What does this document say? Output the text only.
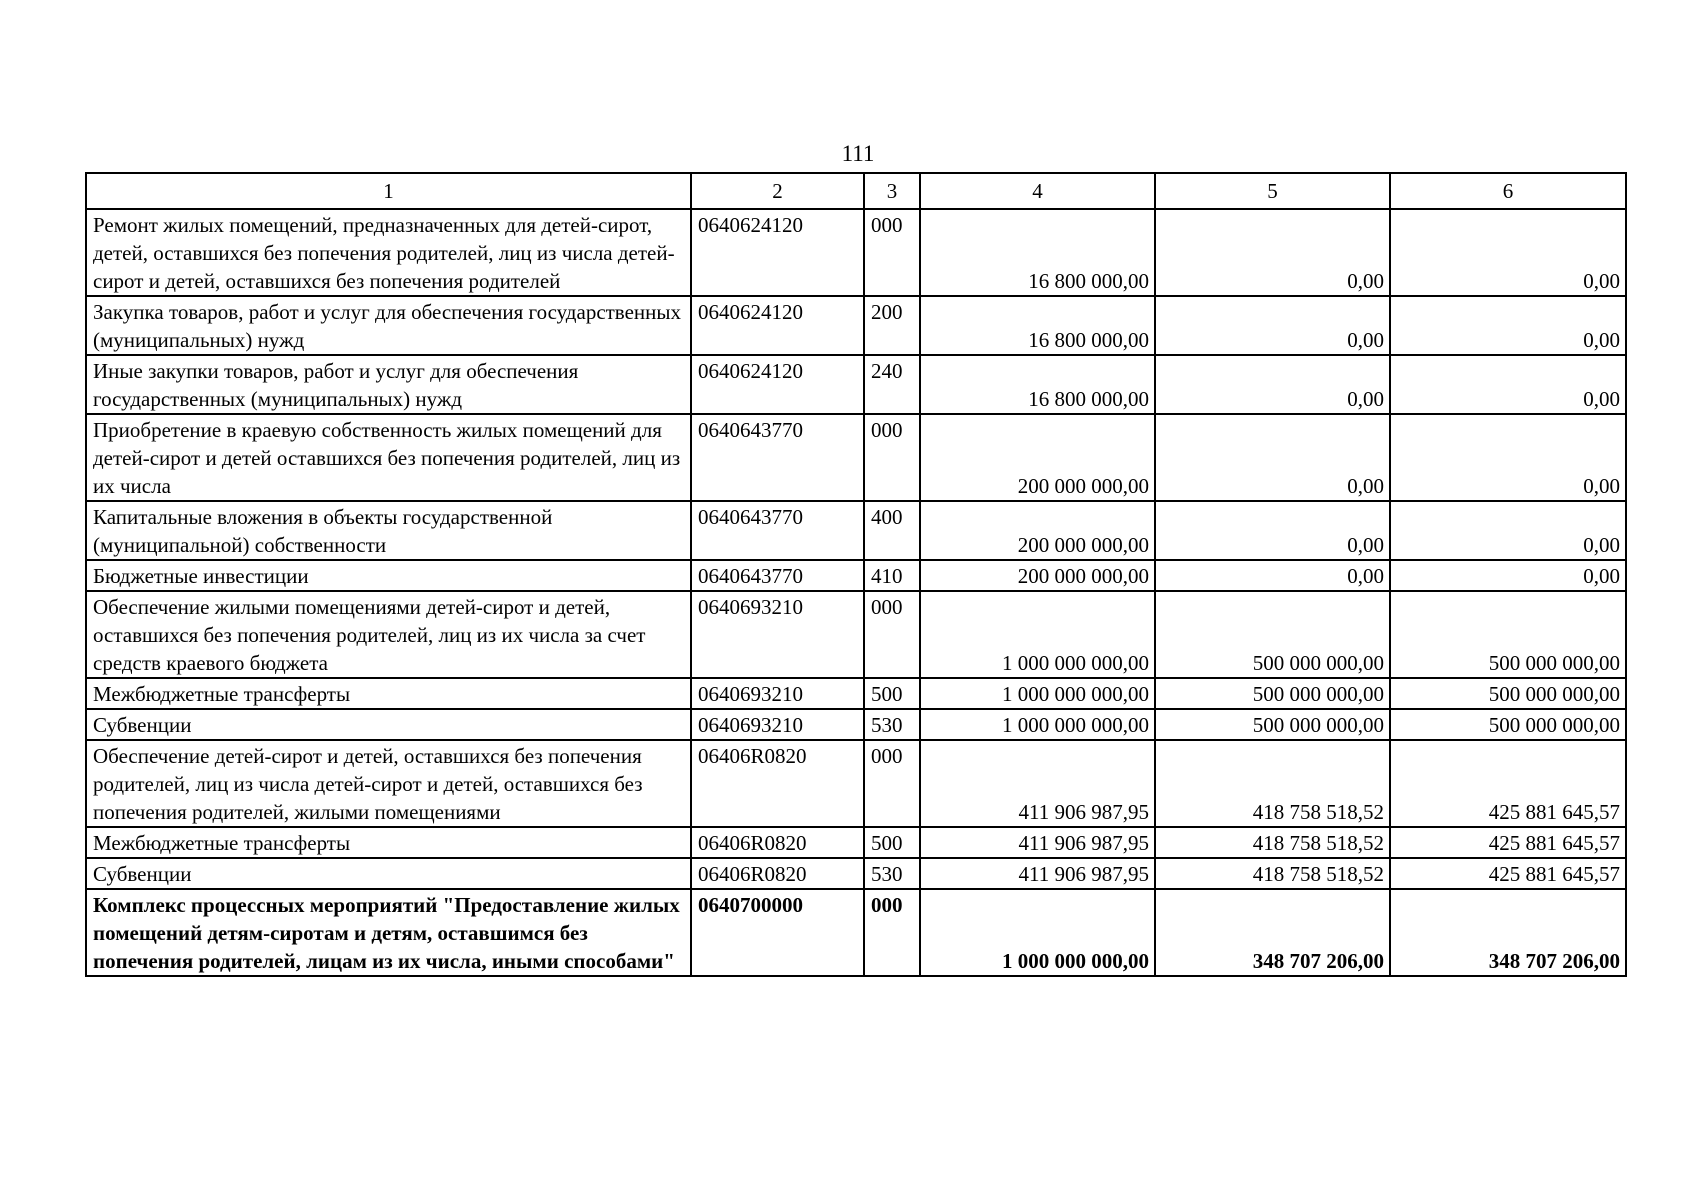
111
1	2	3	4	5	6
Ремонт жилых помещений, предназначенных для детей-сирот, детей, оставшихся без попечения родителей, лиц из числа детей-сирот и детей, оставшихся без попечения родителей	0640624120	000	16 800 000,00	0,00	0,00
Закупка товаров, работ и услуг для обеспечения государственных (муниципальных) нужд	0640624120	200	16 800 000,00	0,00	0,00
Иные закупки товаров, работ и услуг для обеспечения государственных (муниципальных) нужд	0640624120	240	16 800 000,00	0,00	0,00
Приобретение в краевую собственность жилых помещений для детей-сирот и детей оставшихся без попечения родителей, лиц из их числа	0640643770	000	200 000 000,00	0,00	0,00
Капитальные вложения в объекты государственной (муниципальной) собственности	0640643770	400	200 000 000,00	0,00	0,00
Бюджетные инвестиции	0640643770	410	200 000 000,00	0,00	0,00
Обеспечение жилыми помещениями детей-сирот и детей, оставшихся без попечения родителей, лиц из их числа за счет средств краевого бюджета	0640693210	000	1 000 000 000,00	500 000 000,00	500 000 000,00
Межбюджетные трансферты	0640693210	500	1 000 000 000,00	500 000 000,00	500 000 000,00
Субвенции	0640693210	530	1 000 000 000,00	500 000 000,00	500 000 000,00
Обеспечение детей-сирот и детей, оставшихся без попечения родителей, лиц из числа детей-сирот и детей, оставшихся без попечения родителей, жилыми помещениями	06406R0820	000	411 906 987,95	418 758 518,52	425 881 645,57
Межбюджетные трансферты	06406R0820	500	411 906 987,95	418 758 518,52	425 881 645,57
Субвенции	06406R0820	530	411 906 987,95	418 758 518,52	425 881 645,57
Комплекс процессных мероприятий "Предоставление жилых помещений детям-сиротам и детям, оставшимся без попечения родителей, лицам из их числа, иными способами"	0640700000	000	1 000 000 000,00	348 707 206,00	348 707 206,00
